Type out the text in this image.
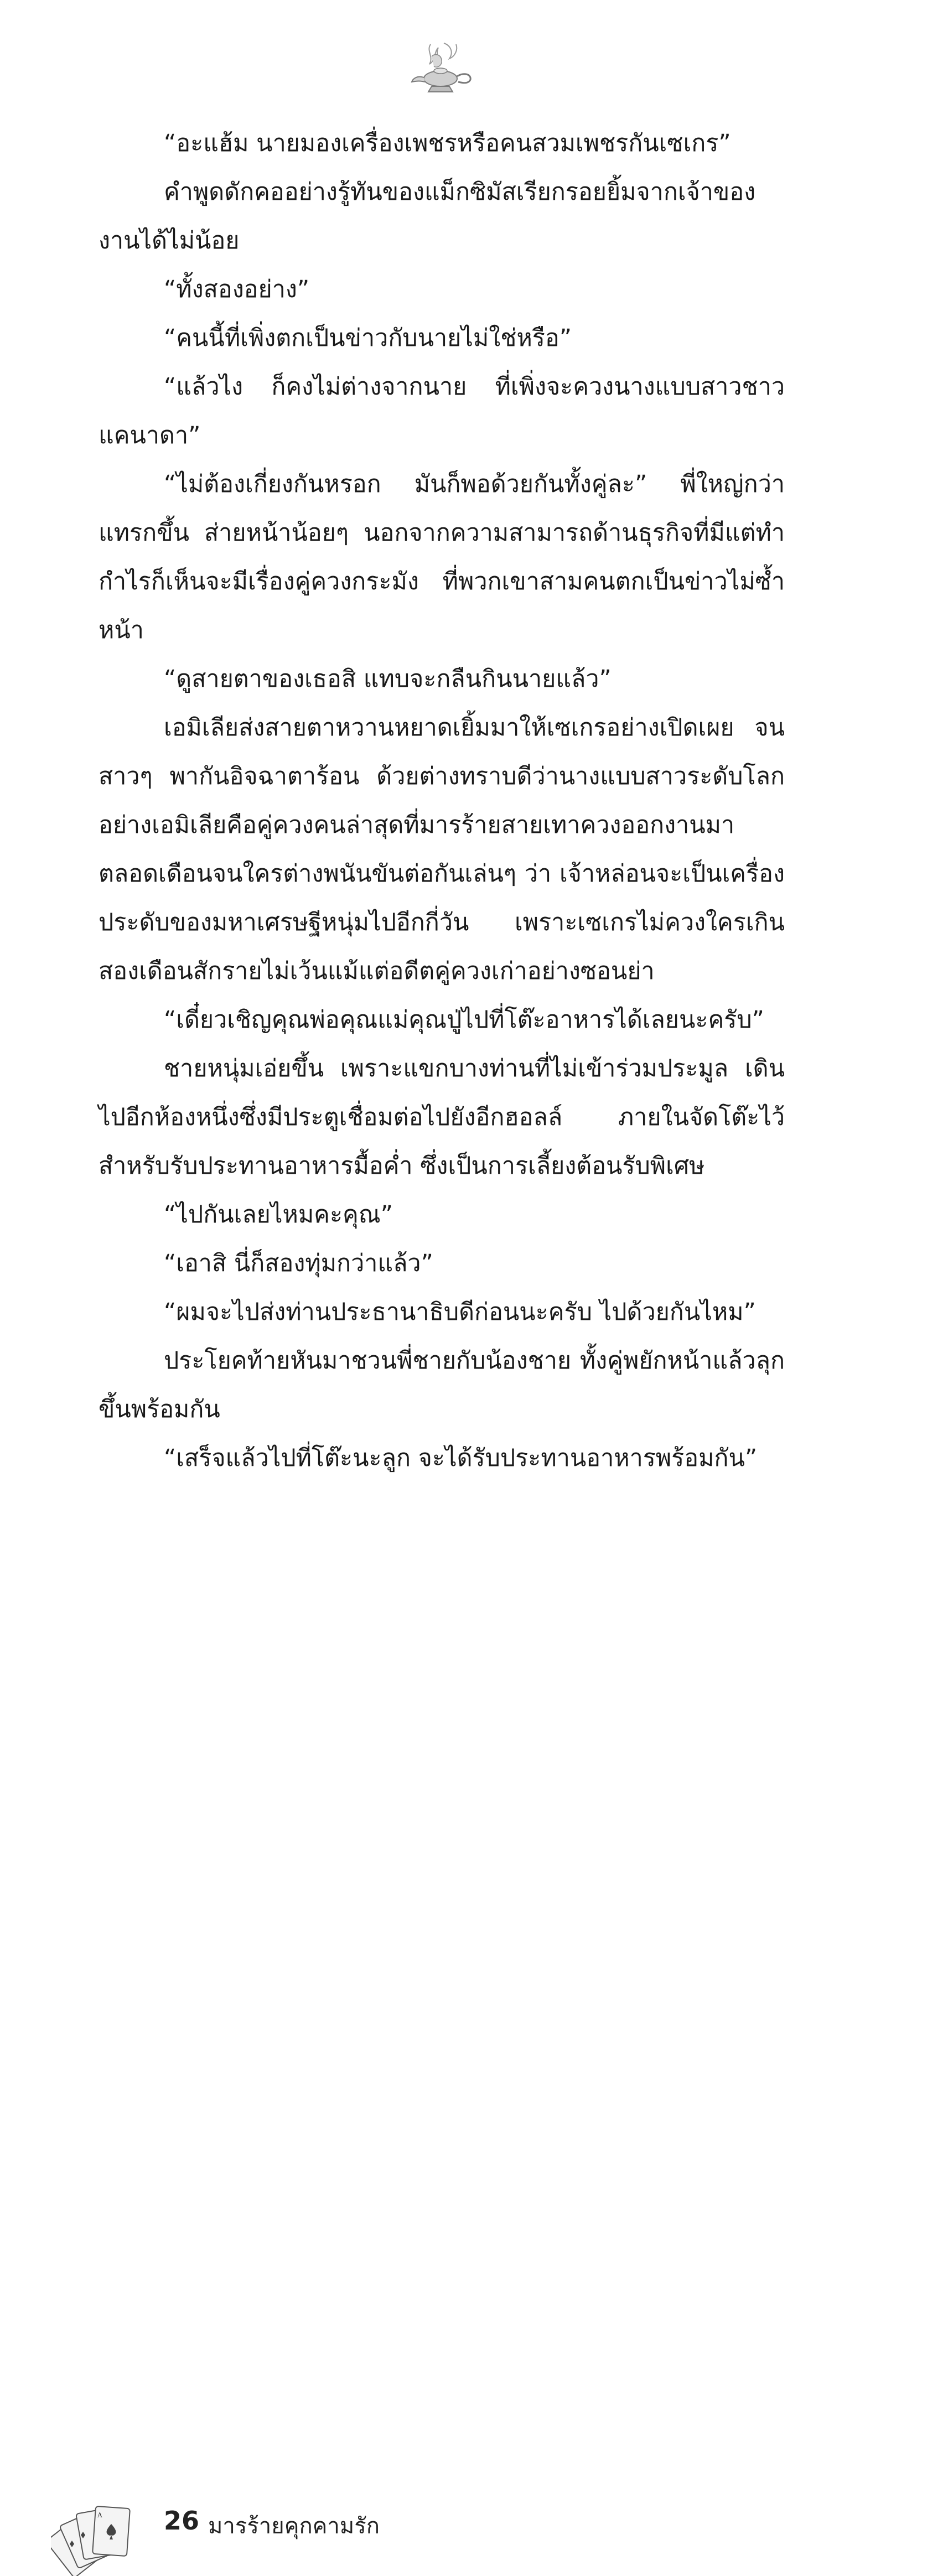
“อะแฮ้ม นายมองเครื่องเพชรหรือคนสวมเพชรกันเซเกร”

คำพูดดักคออย่างรู้ทันของแม็กซิมัสเรียกรอยยิ้มจากเจ้าของงานได้ไม่น้อย

“ทั้งสองอย่าง”

“คนนี้ที่เพิ่งตกเป็นข่าวกับนายไม่ใช่หรือ”

“แล้วไง ก็คงไม่ต่างจากนาย ที่เพิ่งจะควงนางแบบสาวชาวแคนาดา”

“ไม่ต้องเกี่ยงกันหรอก มันก็พอด้วยกันทั้งคู่ละ” พี่ใหญ่กว่าแทรกขึ้น ส่ายหน้าน้อยๆ นอกจากความสามารถด้านธุรกิจที่มีแต่ทำกำไรก็เห็นจะมีเรื่องคู่ควงกระมัง ที่พวกเขาสามคนตกเป็นข่าวไม่ซ้ำหน้า

“ดูสายตาของเธอสิ แทบจะกลืนกินนายแล้ว”

เอมิเลียส่งสายตาหวานหยาดเยิ้มมาให้เซเกรอย่างเปิดเผย จนสาวๆ พากันอิจฉาตาร้อน ด้วยต่างทราบดีว่านางแบบสาวระดับโลกอย่างเอมิเลียคือคู่ควงคนล่าสุดที่มารร้ายสายเทาควงออกงานมาตลอดเดือนจนใครต่างพนันขันต่อกันเล่นๆ ว่า เจ้าหล่อนจะเป็นเครื่องประดับของมหาเศรษฐีหนุ่มไปอีกกี่วัน เพราะเซเกรไม่ควงใครเกินสองเดือนสักรายไม่เว้นแม้แต่อดีตคู่ควงเก่าอย่างซอนย่า

“เดี๋ยวเชิญคุณพ่อคุณแม่คุณปู่ไปที่โต๊ะอาหารได้เลยนะครับ”

ชายหนุ่มเอ่ยขึ้น เพราะแขกบางท่านที่ไม่เข้าร่วมประมูล เดินไปอีกห้องหนึ่งซึ่งมีประตูเชื่อมต่อไปยังอีกฮอลล์ ภายในจัดโต๊ะไว้สำหรับรับประทานอาหารมื้อค่ำ ซึ่งเป็นการเลี้ยงต้อนรับพิเศษ

“ไปกันเลยไหมคะคุณ”

“เอาสิ นี่ก็สองทุ่มกว่าแล้ว”

“ผมจะไปส่งท่านประธานาธิบดีก่อนนะครับ ไปด้วยกันไหม”

ประโยคท้ายหันมาชวนพี่ชายกับน้องชาย ทั้งคู่พยักหน้าแล้วลุกขึ้นพร้อมกัน

“เสร็จแล้วไปที่โต๊ะนะลูก จะได้รับประทานอาหารพร้อมกัน”

A 26 มารร้ายคุกคามรัก
